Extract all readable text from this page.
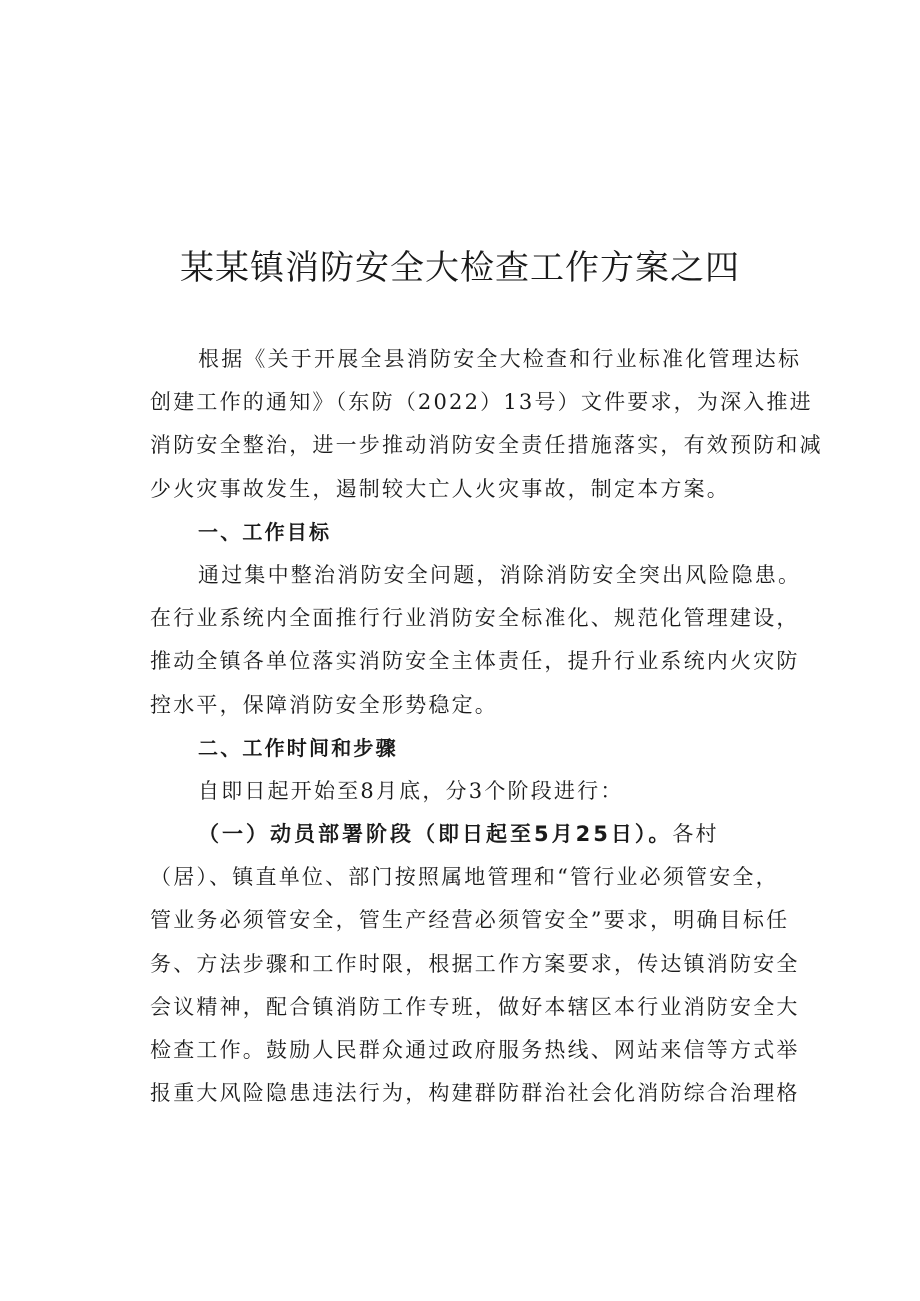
某某镇消防安全大检查工作方案之四
根据《关于开展全县消防安全大检查和行业标准化管理达标
创建工作的通知》（东防（2022）13号）文件要求，为深入推进
消防安全整治，进一步推动消防安全责任措施落实，有效预防和减
少火灾事故发生，遏制较大亡人火灾事故，制定本方案。
一、工作目标
通过集中整治消防安全问题，消除消防安全突出风险隐患。
在行业系统内全面推行行业消防安全标准化、规范化管理建设，
推动全镇各单位落实消防安全主体责任，提升行业系统内火灾防
控水平，保障消防安全形势稳定。
二、工作时间和步骤
自即日起开始至8月底，分3个阶段进行：
（一）动员部署阶段（即日起至5月25日）。各村
（居）、镇直单位、部门按照属地管理和“管行业必须管安全，
管业务必须管安全，管生产经营必须管安全”要求，明确目标任
务、方法步骤和工作时限，根据工作方案要求，传达镇消防安全
会议精神，配合镇消防工作专班，做好本辖区本行业消防安全大
检查工作。鼓励人民群众通过政府服务热线、网站来信等方式举
报重大风险隐患违法行为，构建群防群治社会化消防综合治理格
